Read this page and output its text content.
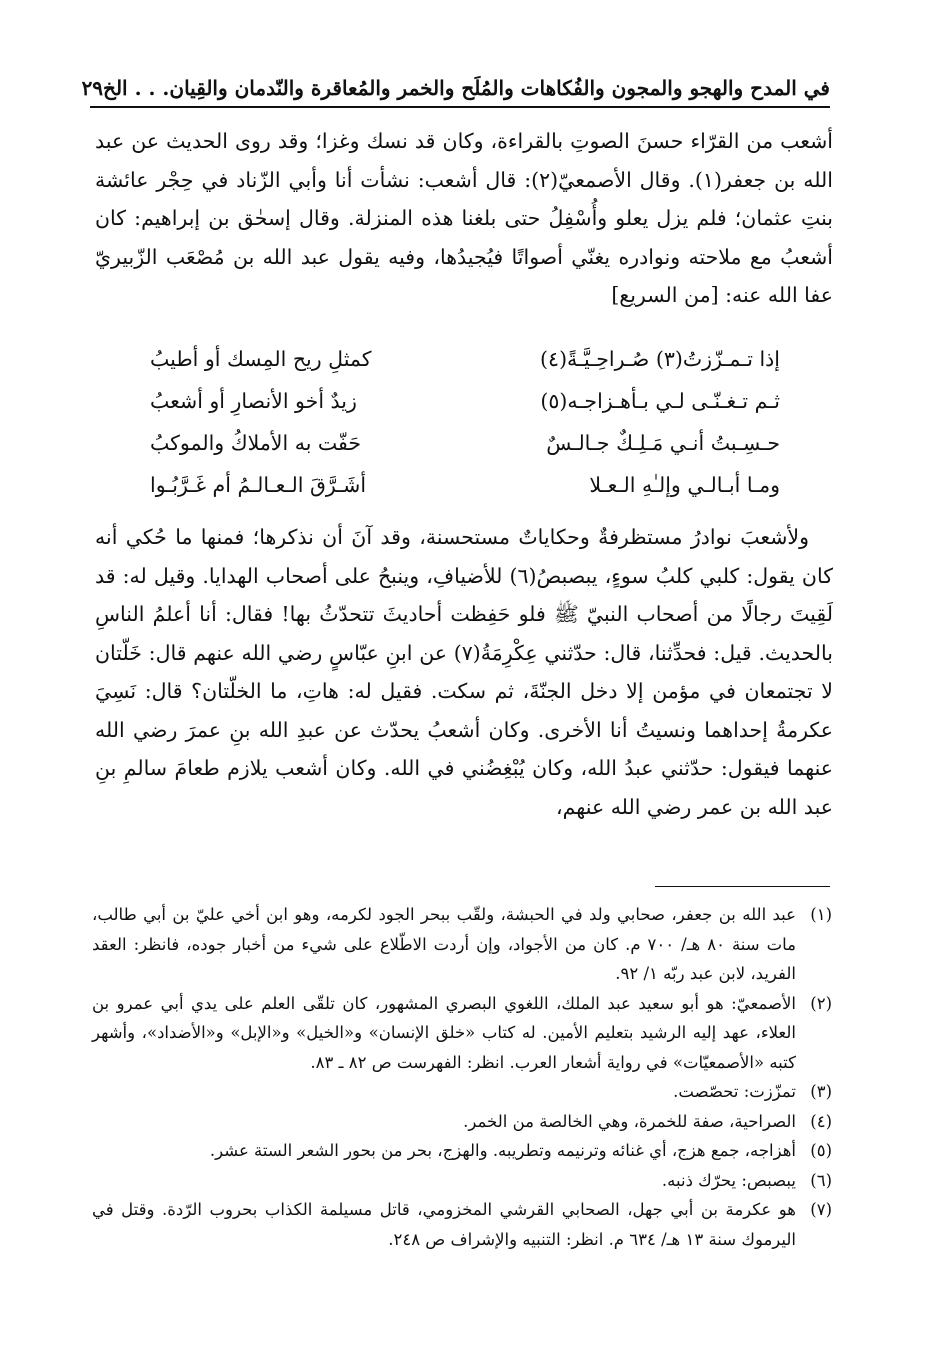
في المدح والهجو والمجون والفُكاهات والمُلَح والخمر والمُعاقرة والنّدمان والقِيان. . . الخ
٢٩

أشعب من القرّاء حسنَ الصوتِ بالقراءة، وكان قد نسك وغزا؛ وقد روى الحديث عن عبد الله بن جعفر(١). وقال الأصمعيّ(٢): قال أشعب: نشأت أنا وأبي الزّناد في حِجْر عائشة بنتِ عثمان؛ فلم يزل يعلو وأُسْفِلُ حتى بلغنا هذه المنزلة. وقال إسحٰق بن إبراهيم: كان أشعبُ مع ملاحته ونوادره يغنّي أصواتًا فيُجيدُها، وفيه يقول عبد الله بن مُصْعَب الزّبيريّ عفا الله عنه: [من السريع]

إذا تـمـزّزتُ(٣) صُـراحِـيَّـةً(٤)
كمثلِ ريح المِسك أو أطيبُ
ثـم تـغـنّـى لـي بـأهـزاجـه(٥)
زيدٌ أخو الأنصارِ أو أشعبُ
حـسِـبتُ أنـي مَـلِـكٌ جـالـسٌ
حَفّت به الأملاكُ والموكبُ
ومـا أبـالـي وإلـٰهِ الـعـلا
أشَـرَّقَ الـعـالـمُ أم غَـرَّبُـوا

ولأشعبَ نوادرُ مستظرفةٌ وحكاياتٌ مستحسنة، وقد آنَ أن نذكرها؛ فمنها ما حُكي أنه كان يقول: كلبي كلبُ سوءٍ، يبصبصُ(٦) للأضيافِ، وينبحُ على أصحاب الهدايا. وقيل له: قد لَقِيتَ رجالًا من أصحاب النبيّ ﷺ فلو حَفِظت أحاديثَ تتحدّثُ بها! فقال: أنا أعلمُ الناسِ بالحديث. قيل: فحدِّثنا، قال: حدّثني عِكْرِمَةُ(٧) عن ابنِ عبّاسٍ رضي الله عنهم قال: خَلّتان لا تجتمعان في مؤمن إلا دخل الجنّةَ، ثم سكت. فقيل له: هاتِ، ما الخلّتان؟ قال: نَسِيَ عكرمةُ إحداهما ونسيتُ أنا الأخرى. وكان أشعبُ يحدّث عن عبدِ الله بنِ عمرَ رضي الله عنهما فيقول: حدّثني عبدُ الله، وكان يُبْغِضُني في الله. وكان أشعب يلازم طعامَ سالمِ بنِ عبد الله بن عمر رضي الله عنهم،

(١)
عبد الله بن جعفر، صحابي ولد في الحبشة، ولقّب ببحر الجود لكرمه، وهو ابن أخي عليّ بن أبي طالب، مات سنة ٨٠ هـ/ ٧٠٠ م. كان من الأجواد، وإن أردت الاطّلاع على شيء من أخبار جوده، فانظر: العقد الفريد، لابن عبد ربّه ١/ ٩٢.
(٢)
الأصمعيّ: هو أبو سعيد عبد الملك، اللغوي البصري المشهور، كان تلقّى العلم على يدي أبي عمرو بن العلاء، عهد إليه الرشيد بتعليم الأمين. له كتاب «خلق الإنسان» و«الخيل» و«الإبل» و«الأضداد»، وأشهر كتبه «الأصمعيّات» في رواية أشعار العرب. انظر: الفهرست ص ٨٢ ـ ٨٣.
(٣)
تمزّزت: تحصّصت.
(٤)
الصراحية، صفة للخمرة، وهي الخالصة من الخمر.
(٥)
أهزاجه، جمع هزج، أي غنائه وترنيمه وتطريبه. والهزج، بحر من بحور الشعر الستة عشر.
(٦)
يبصبص: يحرّك ذنبه.
(٧)
هو عكرمة بن أبي جهل، الصحابي القرشي المخزومي، قاتل مسيلمة الكذاب بحروب الرّدة. وقتل في اليرموك سنة ١٣ هـ/ ٦٣٤ م. انظر: التنبيه والإشراف ص ٢٤٨.
